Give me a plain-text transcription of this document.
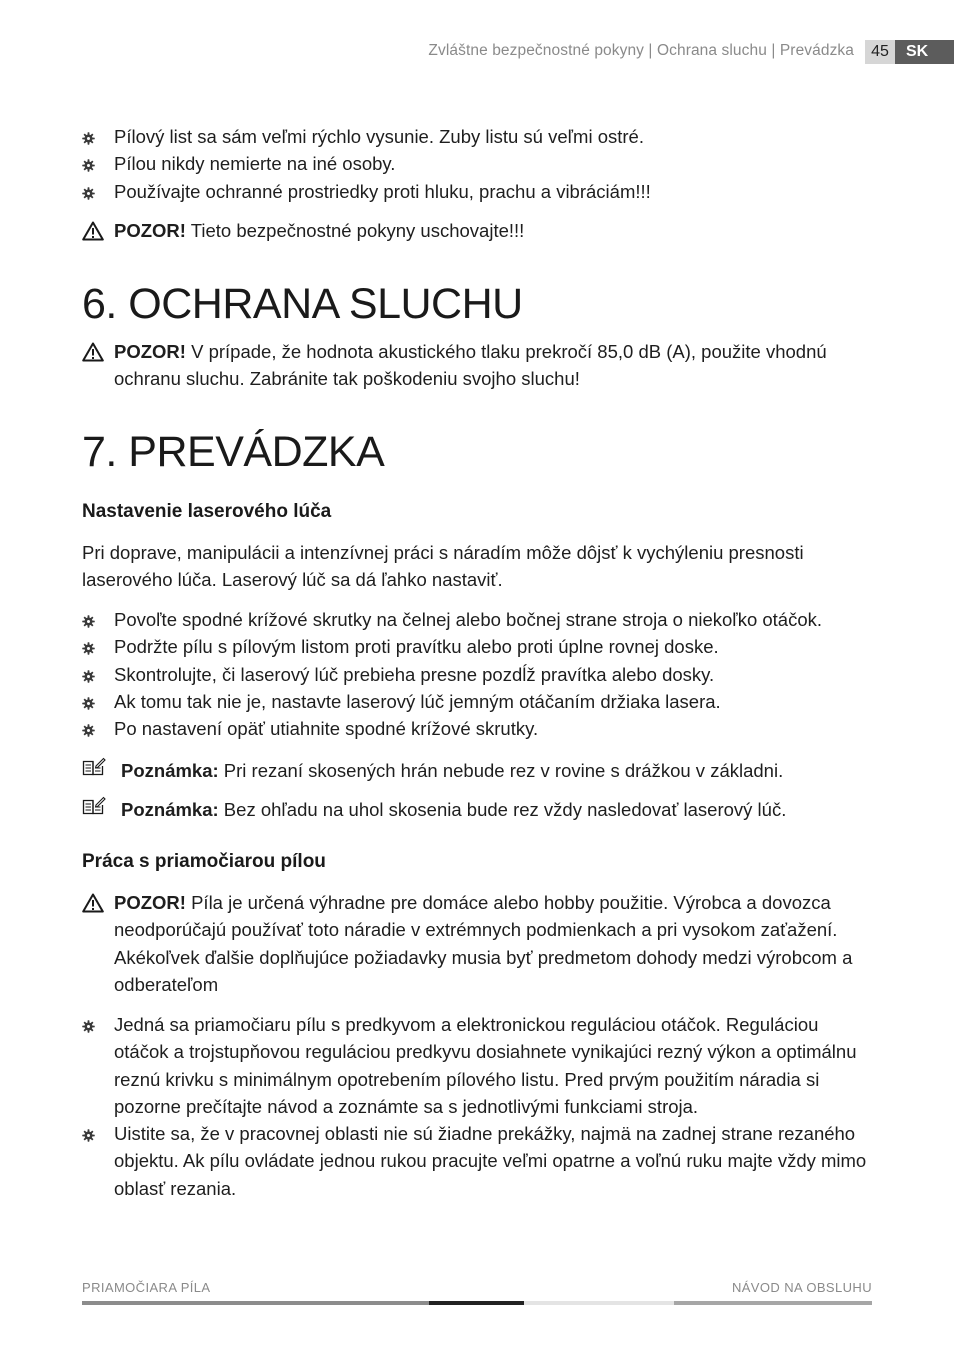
Zvláštne bezpečnostné pokyny | Ochrana sluchu | Prevádzka	45	SK
Pílový list sa sám veľmi rýchlo vysunie. Zuby listu sú veľmi ostré.
Pílou nikdy nemierte na iné osoby.
Používajte ochranné prostriedky proti hluku, prachu a vibráciám!!!
POZOR! Tieto bezpečnostné pokyny uschovajte!!!
6. OCHRANA SLUCHU
POZOR! V prípade, že hodnota akustického tlaku prekročí 85,0 dB (A), použite vhodnú ochranu sluchu. Zabránite tak poškodeniu svojho sluchu!
7. PREVÁDZKA
Nastavenie laserového lúča
Pri doprave, manipulácii a intenzívnej práci s náradím môže dôjsť k vychýleniu presnosti laserového lúča. Laserový lúč sa dá ľahko nastaviť.
Povoľte spodné krížové skrutky na čelnej alebo bočnej strane stroja o niekoľko otáčok.
Podržte pílu s pílovým listom proti pravítku alebo proti úplne rovnej doske.
Skontrolujte, či laserový lúč prebieha presne pozdĺž pravítka alebo dosky.
Ak tomu tak nie je, nastavte laserový lúč jemným otáčaním držiaka lasera.
Po nastavení opäť utiahnite spodné krížové skrutky.
Poznámka: Pri rezaní skosených hrán nebude rez v rovine s drážkou v základni.
Poznámka: Bez ohľadu na uhol skosenia bude rez vždy nasledovať laserový lúč.
Práca s priamočiarou pílou
POZOR! Píla je určená výhradne pre domáce alebo hobby použitie. Výrobca a dovozca neodporúčajú používať toto náradie v extrémnych podmienkach a pri vysokom zaťažení. Akékoľvek ďalšie doplňujúce požiadavky musia byť predmetom dohody medzi výrobcom a odberateľom
Jedná sa priamočiaru pílu s predkyvom a elektronickou reguláciou otáčok. Reguláciou otáčok a trojstupňovou reguláciou predkyvu dosiahnete vynikajúci rezný výkon a optimálnu reznú krivku s minimálnym opotrebením pílového listu. Pred prvým použitím náradia si pozorne prečítajte návod a zoznámte sa s jednotlivými funkciami stroja.
Uistite sa, že v pracovnej oblasti nie sú žiadne prekážky, najmä na zadnej strane rezaného objektu. Ak pílu ovládate jednou rukou pracujte veľmi opatrne a voľnú ruku majte vždy mimo oblasť rezania.
PRIAMOČIARA PÍLA	NÁVOD NA OBSLUHU
